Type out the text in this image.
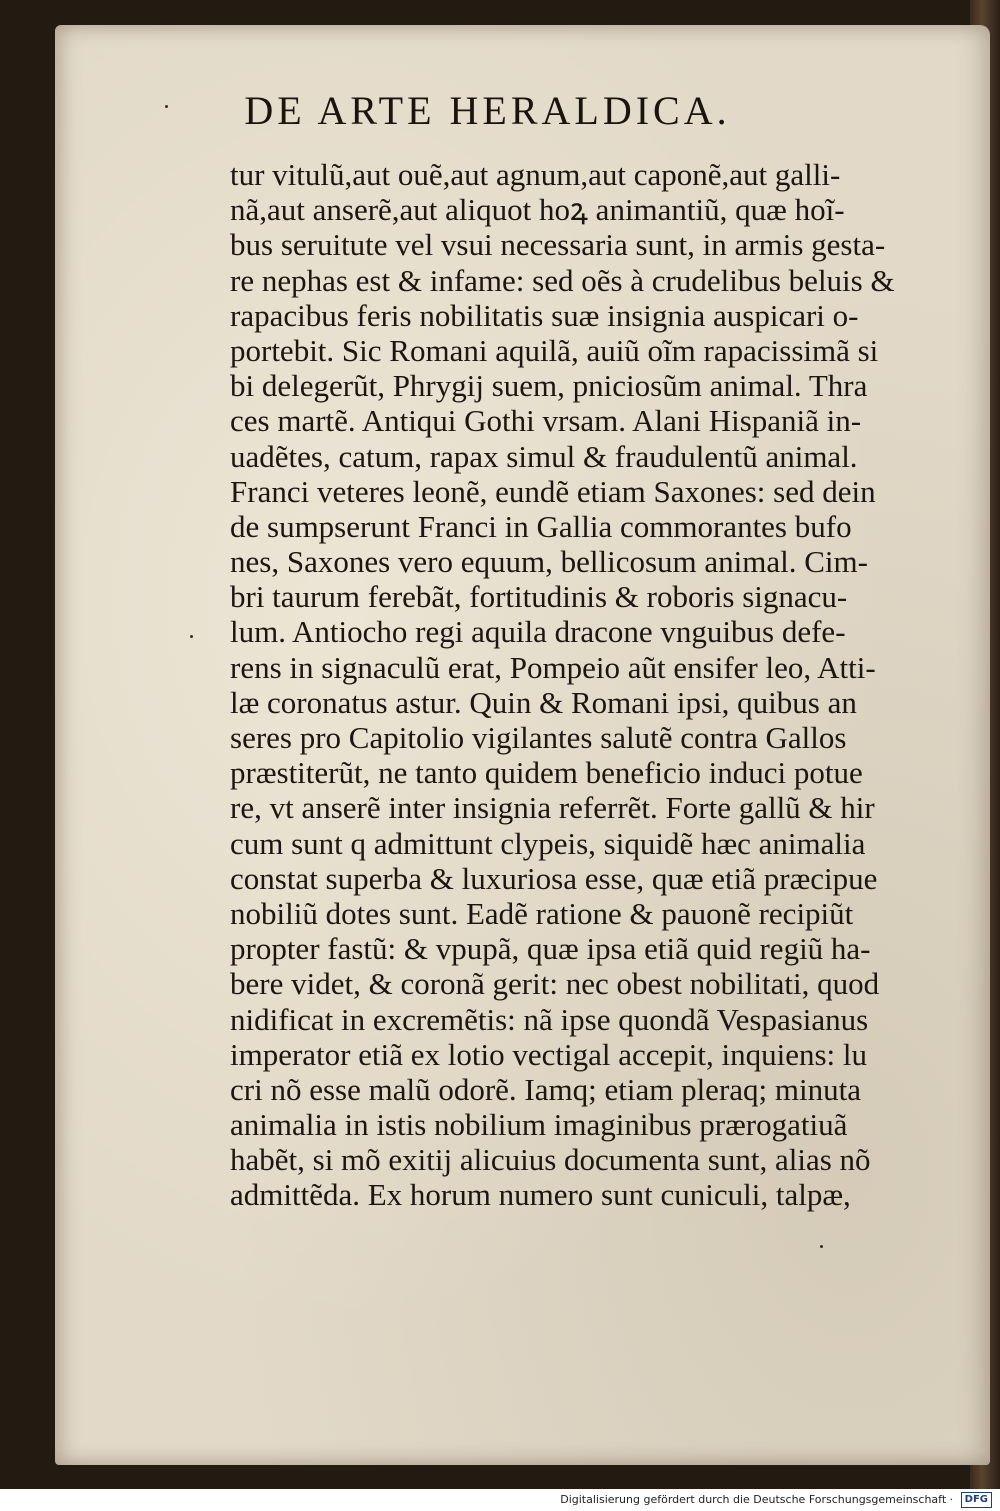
DE ARTE HERALDICA.
tur vitulũ,aut ouẽ,aut agnum,aut caponẽ,aut galli-
nã,aut anserẽ,aut aliquot hoꝝ animantiũ, quæ hoĩ-
bus seruitute vel vsui necessaria sunt, in armis gesta-
re nephas est & infame: sed oẽs à crudelibus beluis &
rapacibus feris nobilitatis suæ insignia auspicari o-
portebit. Sic Romani aquilã, auiũ oĩm rapacissimã si
bi delegerũt, Phrygij suem, pniciosũm animal. Thra
ces martẽ. Antiqui Gothi vrsam. Alani Hispaniã in-
uadẽtes, catum, rapax simul & fraudulentũ animal.
Franci veteres leonẽ, eundẽ etiam Saxones: sed dein
de sumpserunt Franci in Gallia commorantes bufo
nes, Saxones vero equum, bellicosum animal. Cim-
bri taurum ferebãt, fortitudinis & roboris signacu-
lum. Antiocho regi aquila dracone vnguibus defe-
rens in signaculũ erat, Pompeio aũt ensifer leo, Atti-
læ coronatus astur. Quin & Romani ipsi, quibus an
seres pro Capitolio vigilantes salutẽ contra Gallos
præstiterũt, ne tanto quidem beneficio induci potue
re, vt anserẽ inter insignia referrẽt. Forte gallũ & hir
cum sunt q admittunt clypeis, siquidẽ hæc animalia
constat superba & luxuriosa esse, quæ etiã præcipue
nobiliũ dotes sunt. Eadẽ ratione & pauonẽ recipiũt
propter fastũ: & vpupã, quæ ipsa etiã quid regiũ ha-
bere videt, & coronã gerit: nec obest nobilitati, quod
nidificat in excremẽtis: nã ipse quondã Vespasianus
imperator etiã ex lotio vectigal accepit, inquiens: lu
cri nõ esse malũ odorẽ. Iamq; etiam pleraq; minuta
animalia in istis nobilium imaginibus prærogatiuã
habẽt, si mõ exitij alicuius documenta sunt, alias nõ
admittẽda. Ex horum numero sunt cuniculi, talpæ,
Digitalisierung gefördert durch die Deutsche Forschungsgemeinschaft · DFG
